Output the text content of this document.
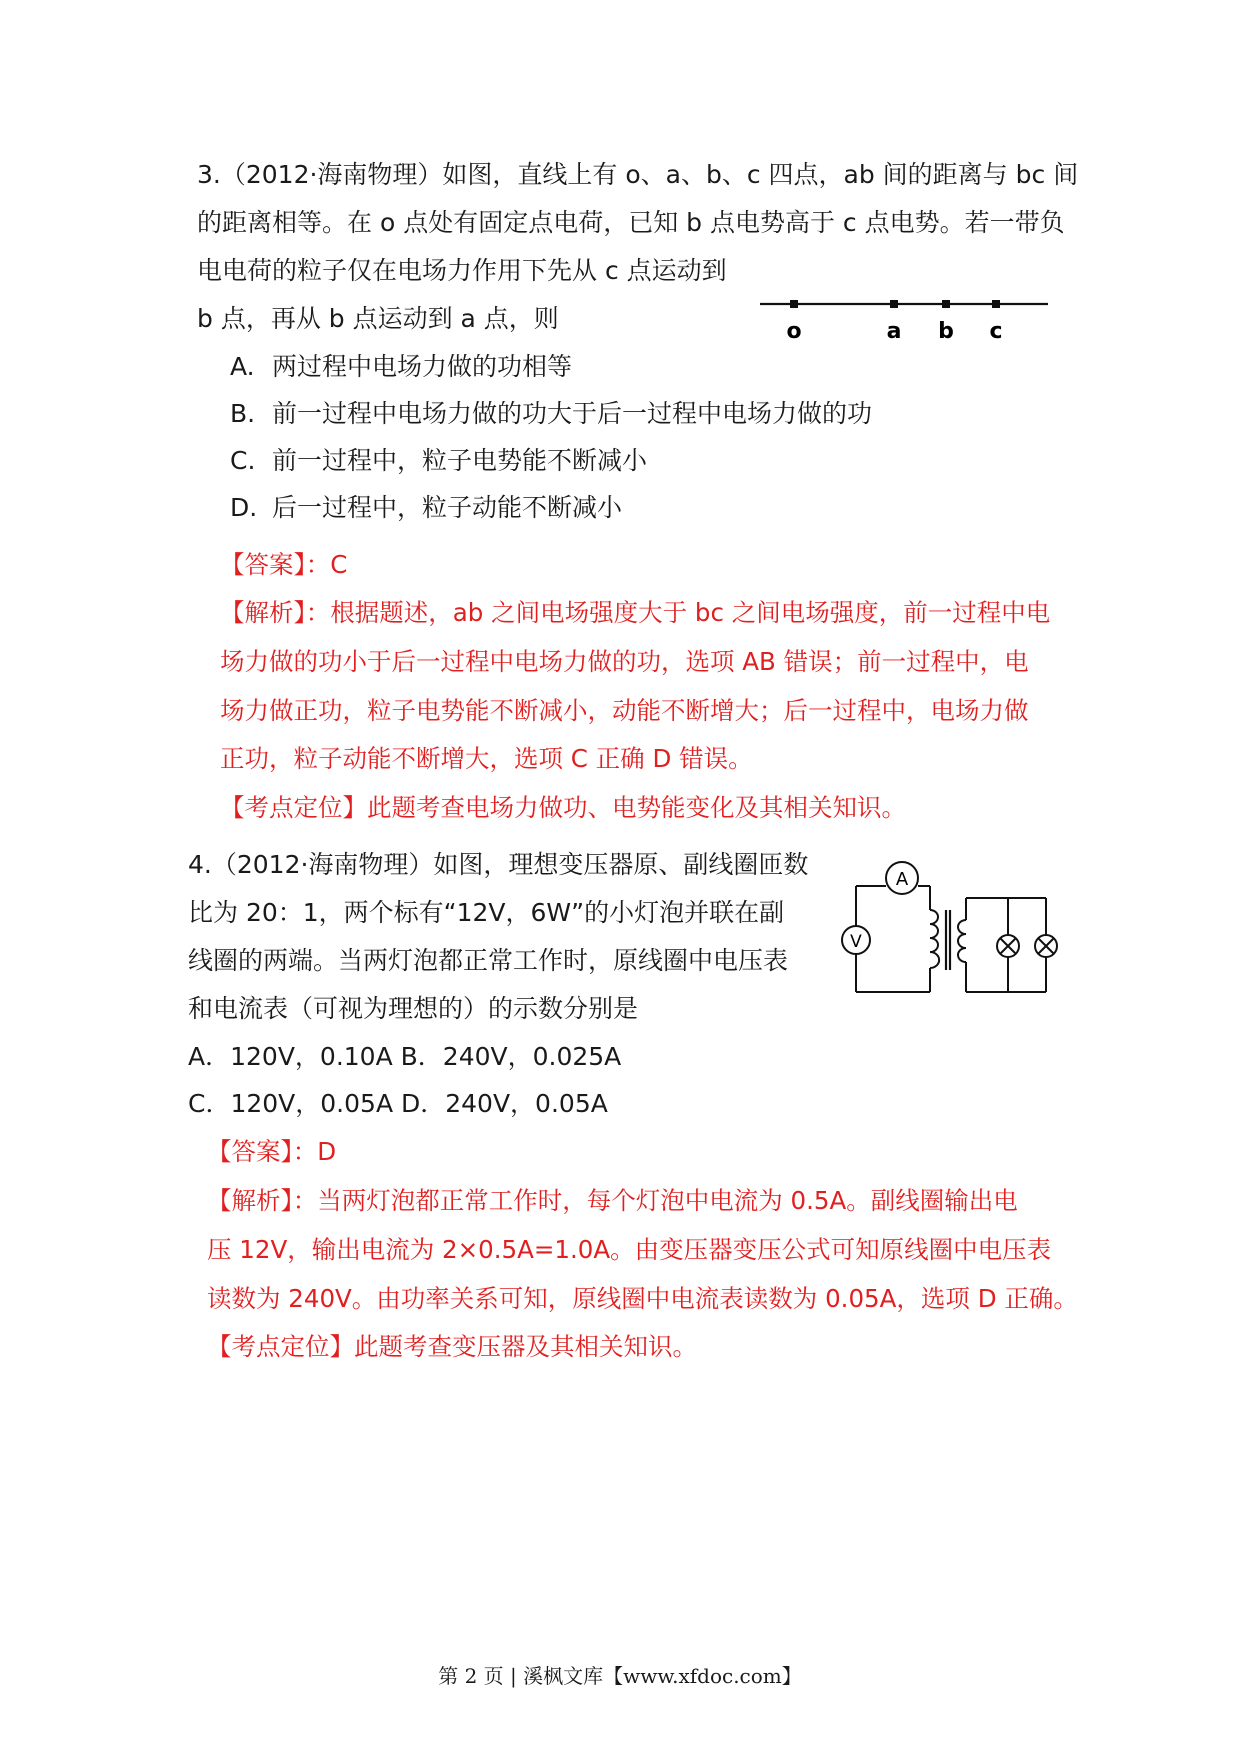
3.（2012·海南物理）如图，直线上有 o、a、b、c 四点，ab 间的距离与 bc 间
的距离相等。在 o 点处有固定点电荷，已知 b 点电势高于 c 点电势。若一带负
电电荷的粒子仅在电场力作用下先从 c 点运动到
b 点，再从 b 点运动到 a 点，则	o	a b c
A. 两过程中电场力做的功相等
B. 前一过程中电场力做的功大于后一过程中电场力做的功
C. 前一过程中，粒子电势能不断减小
D. 后一过程中，粒子动能不断减小
【答案】：C
【解析】：根据题述，ab 之间电场强度大于 bc 之间电场强度，前一过程中电
场力做的功小于后一过程中电场力做的功，选项 AB 错误；前一过程中，电
场力做正功，粒子电势能不断减小，动能不断增大；后一过程中，电场力做
正功，粒子动能不断增大，选项 C 正确 D 错误。
【考点定位】此题考查电场力做功、电势能变化及其相关知识。
4.（2012·海南物理）如图，理想变压器原、副线圈匝数
比为 20：1，两个标有“12V，6W”的小灯泡并联在副
线圈的两端。当两灯泡都正常工作时，原线圈中电压表
和电流表（可视为理想的）的示数分别是
A
V
A．120V，0.10A B．240V，0.025A
C．120V，0.05A D．240V，0.05A
【答案】：D
【解析】：当两灯泡都正常工作时，每个灯泡中电流为 0.5A。副线圈输出电
压 12V，输出电流为 2×0.5A=1.0A。由变压器变压公式可知原线圈中电压表
读数为 240V。由功率关系可知，原线圈中电流表读数为 0.05A，选项 D 正确。
【考点定位】此题考查变压器及其相关知识。
第 2 页 | 溪枫文库【www.xfdoc.com】
